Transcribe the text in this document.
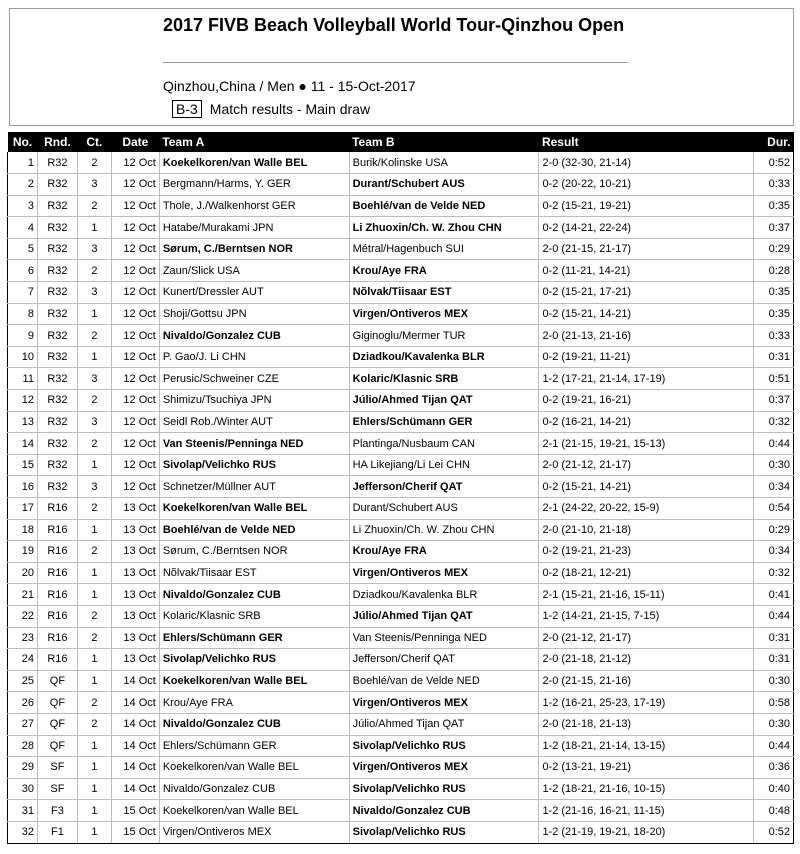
2017 FIVB Beach Volleyball World Tour-Qinzhou Open
Qinzhou,China / Men ● 11 - 15-Oct-2017
B-3 Match results - Main draw
No.	Rnd.	Ct.	Date	Team A	Team B	Result	Dur.
1	R32	2	12 Oct	Koekelkoren/van Walle BEL	Burik/Kolinske USA	2-0 (32-30, 21-14)	0:52
2	R32	3	12 Oct	Bergmann/Harms, Y. GER	Durant/Schubert AUS	0-2 (20-22, 10-21)	0:33
3	R32	2	12 Oct	Thole, J./Walkenhorst GER	Boehlé/van de Velde NED	0-2 (15-21, 19-21)	0:35
4	R32	1	12 Oct	Hatabe/Murakami JPN	Li Zhuoxin/Ch. W. Zhou CHN	0-2 (14-21, 22-24)	0:37
5	R32	3	12 Oct	Sørum, C./Berntsen NOR	Métral/Hagenbuch SUI	2-0 (21-15, 21-17)	0:29
6	R32	2	12 Oct	Zaun/Slick USA	Krou/Aye FRA	0-2 (11-21, 14-21)	0:28
7	R32	3	12 Oct	Kunert/Dressler AUT	Nõlvak/Tiisaar EST	0-2 (15-21, 17-21)	0:35
8	R32	1	12 Oct	Shoji/Gottsu JPN	Virgen/Ontiveros MEX	0-2 (15-21, 14-21)	0:35
9	R32	2	12 Oct	Nivaldo/Gonzalez CUB	Giginoglu/Mermer TUR	2-0 (21-13, 21-16)	0:33
10	R32	1	12 Oct	P. Gao/J. Li CHN	Dziadkou/Kavalenka BLR	0-2 (19-21, 11-21)	0:31
11	R32	3	12 Oct	Perusic/Schweiner CZE	Kolaric/Klasnic SRB	1-2 (17-21, 21-14, 17-19)	0:51
12	R32	2	12 Oct	Shimizu/Tsuchiya JPN	Júlio/Ahmed Tijan QAT	0-2 (19-21, 16-21)	0:37
13	R32	3	12 Oct	Seidl Rob./Winter AUT	Ehlers/Schümann GER	0-2 (16-21, 14-21)	0:32
14	R32	2	12 Oct	Van Steenis/Penninga NED	Plantinga/Nusbaum CAN	2-1 (21-15, 19-21, 15-13)	0:44
15	R32	1	12 Oct	Sivolap/Velichko RUS	HA Likejiang/Li Lei CHN	2-0 (21-12, 21-17)	0:30
16	R32	3	12 Oct	Schnetzer/Müllner AUT	Jefferson/Cherif QAT	0-2 (15-21, 14-21)	0:34
17	R16	2	13 Oct	Koekelkoren/van Walle BEL	Durant/Schubert AUS	2-1 (24-22, 20-22, 15-9)	0:54
18	R16	1	13 Oct	Boehlé/van de Velde NED	Li Zhuoxin/Ch. W. Zhou CHN	2-0 (21-10, 21-18)	0:29
19	R16	2	13 Oct	Sørum, C./Berntsen NOR	Krou/Aye FRA	0-2 (19-21, 21-23)	0:34
20	R16	1	13 Oct	Nõlvak/Tiisaar EST	Virgen/Ontiveros MEX	0-2 (18-21, 12-21)	0:32
21	R16	1	13 Oct	Nivaldo/Gonzalez CUB	Dziadkou/Kavalenka BLR	2-1 (15-21, 21-16, 15-11)	0:41
22	R16	2	13 Oct	Kolaric/Klasnic SRB	Júlio/Ahmed Tijan QAT	1-2 (14-21, 21-15, 7-15)	0:44
23	R16	2	13 Oct	Ehlers/Schümann GER	Van Steenis/Penninga NED	2-0 (21-12, 21-17)	0:31
24	R16	1	13 Oct	Sivolap/Velichko RUS	Jefferson/Cherif QAT	2-0 (21-18, 21-12)	0:31
25	QF	1	14 Oct	Koekelkoren/van Walle BEL	Boehlé/van de Velde NED	2-0 (21-15, 21-16)	0:30
26	QF	2	14 Oct	Krou/Aye FRA	Virgen/Ontiveros MEX	1-2 (16-21, 25-23, 17-19)	0:58
27	QF	2	14 Oct	Nivaldo/Gonzalez CUB	Júlio/Ahmed Tijan QAT	2-0 (21-18, 21-13)	0:30
28	QF	1	14 Oct	Ehlers/Schümann GER	Sivolap/Velichko RUS	1-2 (18-21, 21-14, 13-15)	0:44
29	SF	1	14 Oct	Koekelkoren/van Walle BEL	Virgen/Ontiveros MEX	0-2 (13-21, 19-21)	0:36
30	SF	1	14 Oct	Nivaldo/Gonzalez CUB	Sivolap/Velichko RUS	1-2 (18-21, 21-16, 10-15)	0:40
31	F3	1	15 Oct	Koekelkoren/van Walle BEL	Nivaldo/Gonzalez CUB	1-2 (21-16, 16-21, 11-15)	0:48
32	F1	1	15 Oct	Virgen/Ontiveros MEX	Sivolap/Velichko RUS	1-2 (21-19, 19-21, 18-20)	0:52
